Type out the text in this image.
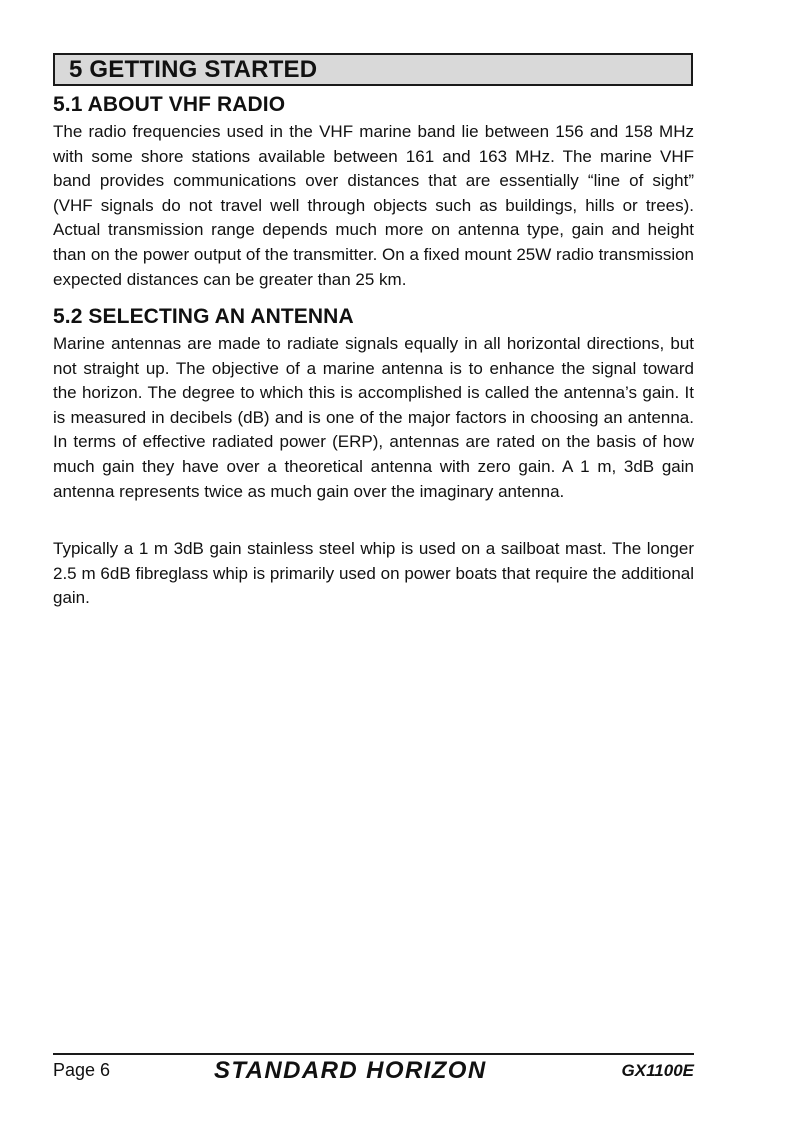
5 GETTING STARTED
5.1 ABOUT VHF RADIO

The radio frequencies used in the VHF marine band lie between 156 and 158 MHz with some shore stations available between 161 and 163 MHz. The marine VHF band provides communications over distances that are essentially “line of sight” (VHF signals do not travel well through objects such as buildings, hills or trees). Actual transmission range depends much more on antenna type, gain and height than on the power output of the transmitter. On a fixed mount 25W radio transmission expected distances can be greater than 25 km.

5.2 SELECTING AN ANTENNA

Marine antennas are made to radiate signals equally in all horizontal directions, but not straight up. The objective of a marine antenna is to enhance the signal toward the horizon. The degree to which this is accomplished is called the antenna’s gain. It is measured in decibels (dB) and is one of the major factors in choosing an antenna. In terms of effective radiated power (ERP), antennas are rated on the basis of how much gain they have over a theoretical antenna with zero gain. A 1 m, 3dB gain antenna represents twice as much gain over the imaginary antenna.

Typically a 1 m 3dB gain stainless steel whip is used on a sailboat mast. The longer 2.5 m 6dB fibreglass whip is primarily used on power boats that require the additional gain.

Page 6	STANDARD HORIZON	GX1100E
